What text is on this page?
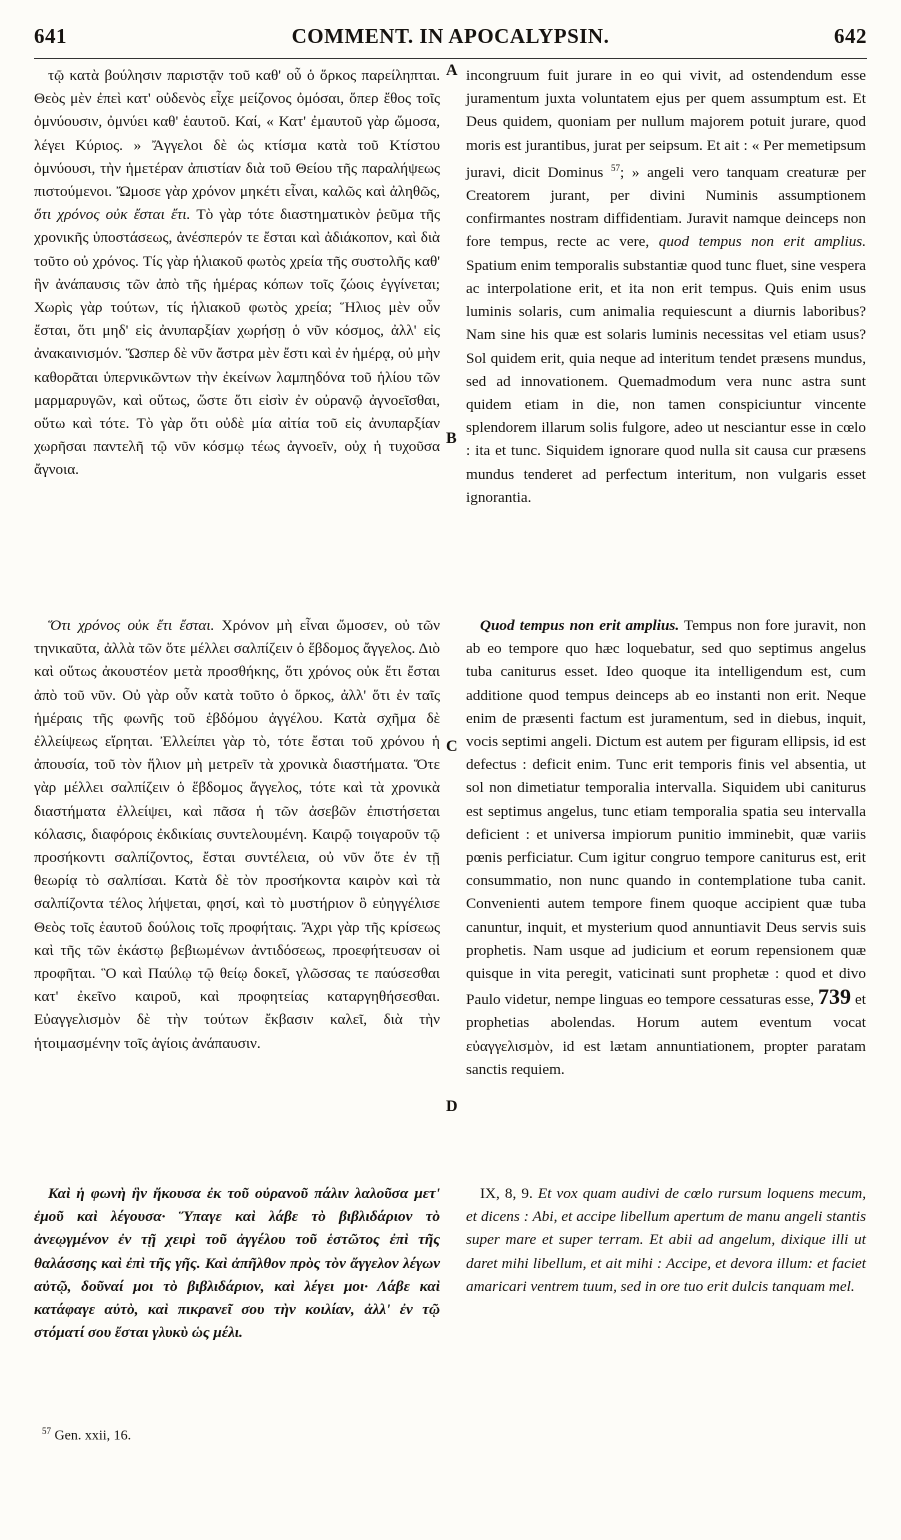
641	COMMENT. IN APOCALYPSIN.	642
A
B
C
D

τῷ κατὰ βούλησιν παριστᾷν τοῦ καθ' οὗ ὁ ὅρκος παρείληπται. Θεὸς μὲν ἐπεὶ κατ' οὐδενὸς εἶχε μείζονος ὀμόσαι, ὅπερ ἔθος τοῖς ὀμνύουσιν, ὀμνύει καθ' ἑαυτοῦ. Καί, « Κατ' ἐμαυτοῦ γὰρ ὤμοσα, λέγει Κύριος. » Ἄγγελοι δὲ ὡς κτίσμα κατὰ τοῦ Κτίστου ὀμνύουσι, τὴν ἡμετέραν ἀπιστίαν διὰ τοῦ Θείου τῆς παραλήψεως πιστούμενοι. Ὤμοσε γὰρ χρόνον μηκέτι εἶναι, καλῶς καὶ ἀληθῶς, ὅτι χρόνος οὐκ ἔσται ἔτι. Τὸ γὰρ τότε διαστηματικὸν ῥεῦμα τῆς χρονικῆς ὑποστάσεως, ἀνέσπερόν τε ἔσται καὶ ἀδιάκοπον, καὶ διὰ τοῦτο οὐ χρόνος. Τίς γὰρ ἡλιακοῦ φωτὸς χρεία τῆς συστολῆς καθ' ἣν ἀνάπαυσις τῶν ἀπὸ τῆς ἡμέρας κόπων τοῖς ζώοις ἐγγίνεται; Χωρὶς γὰρ τούτων, τίς ἡλιακοῦ φωτὸς χρεία; Ἥλιος μὲν οὖν ἔσται, ὅτι μηδ' εἰς ἀνυπαρξίαν χωρήσῃ ὁ νῦν κόσμος, ἀλλ' εἰς ἀνακαινισμόν. Ὥσπερ δὲ νῦν ἄστρα μὲν ἔστι καὶ ἐν ἡμέρᾳ, οὐ μὴν καθορᾶται ὑπερνικῶντων τὴν ἐκείνων λαμπηδόνα τοῦ ἡλίου τῶν μαρμαρυγῶν, καὶ οὕτως, ὥστε ὅτι εἰσὶν ἐν οὐρανῷ ἀγνοεῖσθαι, οὕτω καὶ τότε. Τὸ γὰρ ὅτι οὐδὲ μία αἰτία τοῦ εἰς ἀνυπαρξίαν χωρῆσαι παντελῆ τῷ νῦν κόσμῳ τέως ἀγνοεῖν, οὐχ ἡ τυχοῦσα ἄγνοια.

Ὅτι χρόνος οὐκ ἔτι ἔσται. Χρόνον μὴ εἶναι ὤμοσεν, οὐ τῶν τηνικαῦτα, ἀλλὰ τῶν ὅτε μέλλει σαλπίζειν ὁ ἕβδομος ἄγγελος. Διὸ καὶ οὕτως ἀκουστέον μετὰ προσθήκης, ὅτι χρόνος οὐκ ἔτι ἔσται ἀπὸ τοῦ νῦν. Οὐ γὰρ οὖν κατὰ τοῦτο ὁ ὅρκος, ἀλλ' ὅτι ἐν ταῖς ἡμέραις τῆς φωνῆς τοῦ ἑβδόμου ἀγγέλου. Κατὰ σχῆμα δὲ ἐλλείψεως εἴρηται. Ἐλλείπει γὰρ τὸ, τότε ἔσται τοῦ χρόνου ἡ ἀπουσία, τοῦ τὸν ἥλιον μὴ μετρεῖν τὰ χρονικὰ διαστήματα. Ὅτε γὰρ μέλλει σαλπίζειν ὁ ἕβδομος ἄγγελος, τότε καὶ τὰ χρονικὰ διαστήματα ἐλλείψει, καὶ πᾶσα ἡ τῶν ἀσεβῶν ἐπιστήσεται κόλασις, διαφόροις ἐκδικίαις συντελουμένη. Καιρῷ τοιγαροῦν τῷ προσήκοντι σαλπίζοντος, ἔσται συντέλεια, οὐ νῦν ὅτε ἐν τῇ θεωρίᾳ τὸ σαλπίσαι. Κατὰ δὲ τὸν προσήκοντα καιρὸν καὶ τὰ σαλπίζοντα τέλος λήψεται, φησί, καὶ τὸ μυστήριον ὃ εὐηγγέλισε Θεὸς τοῖς ἑαυτοῦ δούλοις τοῖς προφήταις. Ἄχρι γὰρ τῆς κρίσεως καὶ τῆς τῶν ἑκάστῳ βεβιωμένων ἀντιδόσεως, προεφήτευσαν οἱ προφῆται. Ὃ καὶ Παύλῳ τῷ θείῳ δοκεῖ, γλῶσσας τε παύσεσθαι κατ' ἐκεῖνο καιροῦ, καὶ προφητείας καταργηθήσεσθαι. Εὐαγγελισμὸν δὲ τὴν τούτων ἔκβασιν καλεῖ, διὰ τὴν ἡτοιμασμένην τοῖς ἁγίοις ἀνάπαυσιν.

Καὶ ἡ φωνὴ ἣν ἤκουσα ἐκ τοῦ οὐρανοῦ πάλιν λαλοῦσα μετ' ἐμοῦ καὶ λέγουσα· Ὕπαγε καὶ λάβε τὸ βιβλιδάριον τὸ ἀνεῳγμένον ἐν τῇ χειρὶ τοῦ ἀγγέλου τοῦ ἑστῶτος ἐπὶ τῆς θαλάσσης καὶ ἐπὶ τῆς γῆς. Καὶ ἀπῆλθον πρὸς τὸν ἄγγελον λέγων αὐτῷ, δοῦναί μοι τὸ βιβλιδάριον, καὶ λέγει μοι· Λάβε καὶ κατάφαγε αὐτὸ, καὶ πικρανεῖ σου τὴν κοιλίαν, ἀλλ' ἐν τῷ στόματί σου ἔσται γλυκὺ ὡς μέλι.

incongruum fuit jurare in eo qui vivit, ad ostendendum esse juramentum juxta voluntatem ejus per quem assumptum est. Et Deus quidem, quoniam per nullum majorem potuit jurare, quod moris est jurantibus, jurat per seipsum. Et ait : « Per memetipsum juravi, dicit Dominus $^{57}$; » angeli vero tanquam creaturæ per Creatorem jurant, per divini Numinis assumptionem confirmantes nostram diffidentiam. Juravit namque deinceps non fore tempus, recte ac vere, quod tempus non erit amplius. Spatium enim temporalis substantiæ quod tunc fluet, sine vespera ac interpolatione erit, et ita non erit tempus. Quis enim usus luminis solaris, cum animalia requiescunt a diurnis laboribus? Nam sine his quæ est solaris luminis necessitas vel etiam usus? Sol quidem erit, quia neque ad interitum tendet præsens mundus, sed ad innovationem. Quemadmodum vera nunc astra sunt quidem etiam in die, non tamen conspiciuntur vincente splendorem illarum solis fulgore, adeo ut nesciantur esse in cœlo : ita et tunc. Siquidem ignorare quod nulla sit causa cur præsens mundus tenderet ad perfectum interitum, non vulgaris esset ignorantia.

Quod tempus non erit amplius. Tempus non fore juravit, non ab eo tempore quo hæc loquebatur, sed quo septimus angelus tuba caniturus esset. Ideo quoque ita intelligendum est, cum additione quod tempus deinceps ab eo instanti non erit. Neque enim de præsenti factum est juramentum, sed in diebus, inquit, vocis septimi angeli. Dictum est autem per figuram ellipsis, id est defectus : deficit enim. Tunc erit temporis finis vel absentia, ut sol non dimetiatur temporalia intervalla. Siquidem ubi caniturus est septimus angelus, tunc etiam temporalia spatia seu intervalla deficient : et universa impiorum punitio imminebit, quæ variis pœnis perficiatur. Cum igitur congruo tempore caniturus est, erit consummatio, non nunc quando in contemplatione tuba canit. Convenienti autem tempore finem quoque accipient quæ tuba canuntur, inquit, et mysterium quod annuntiavit Deus servis suis prophetis. Nam usque ad judicium et eorum repensionem quæ quisque in vita peregit, vaticinati sunt prophetæ : quod et divo Paulo videtur, nempe linguas eo tempore cessaturas esse, 739 et prophetias abolendas. Horum autem eventum vocat εὐαγγελισμὸν, id est lætam annuntiationem, propter paratam sanctis requiem.

IX, 8, 9. Et vox quam audivi de cœlo rursum loquens mecum, et dicens : Abi, et accipe libellum apertum de manu angeli stantis super mare et super terram. Et abii ad angelum, dixique illi ut daret mihi libellum, et ait mihi : Accipe, et devora illum: et faciet amaricari ventrem tuum, sed in ore tuo erit dulcis tanquam mel.

$^{57}$ Gen. xxii, 16.
